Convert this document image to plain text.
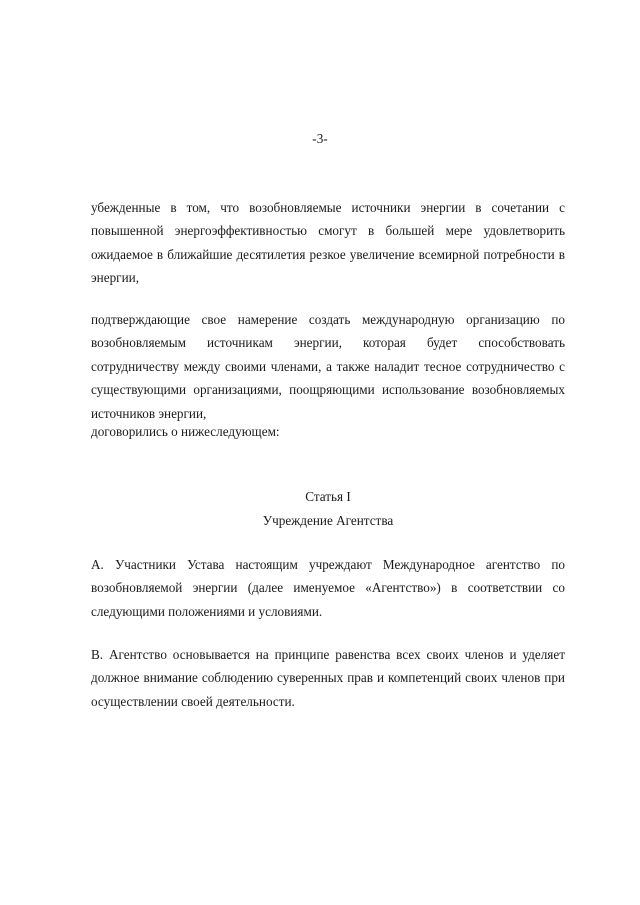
-3-

убежденные в том, что возобновляемые источники энергии в сочетании с повышенной энергоэффективностью смогут в большей мере удовлетворить ожидаемое в ближайшие десятилетия резкое увеличение всемирной потребности в энергии,

подтверждающие свое намерение создать международную организацию по возобновляемым источникам энергии, которая будет способствовать сотрудничеству между своими членами, а также наладит тесное сотрудничество с существующими организациями, поощряющими использование возобновляемых источников энергии,

договорились о нижеследующем:

Статья I
Учреждение Агентства

A. Участники Устава настоящим учреждают Международное агентство по возобновляемой энергии (далее именуемое «Агентство») в соответствии со следующими положениями и условиями.

B. Агентство основывается на принципе равенства всех своих членов и уделяет должное внимание соблюдению суверенных прав и компетенций своих членов при осуществлении своей деятельности.
